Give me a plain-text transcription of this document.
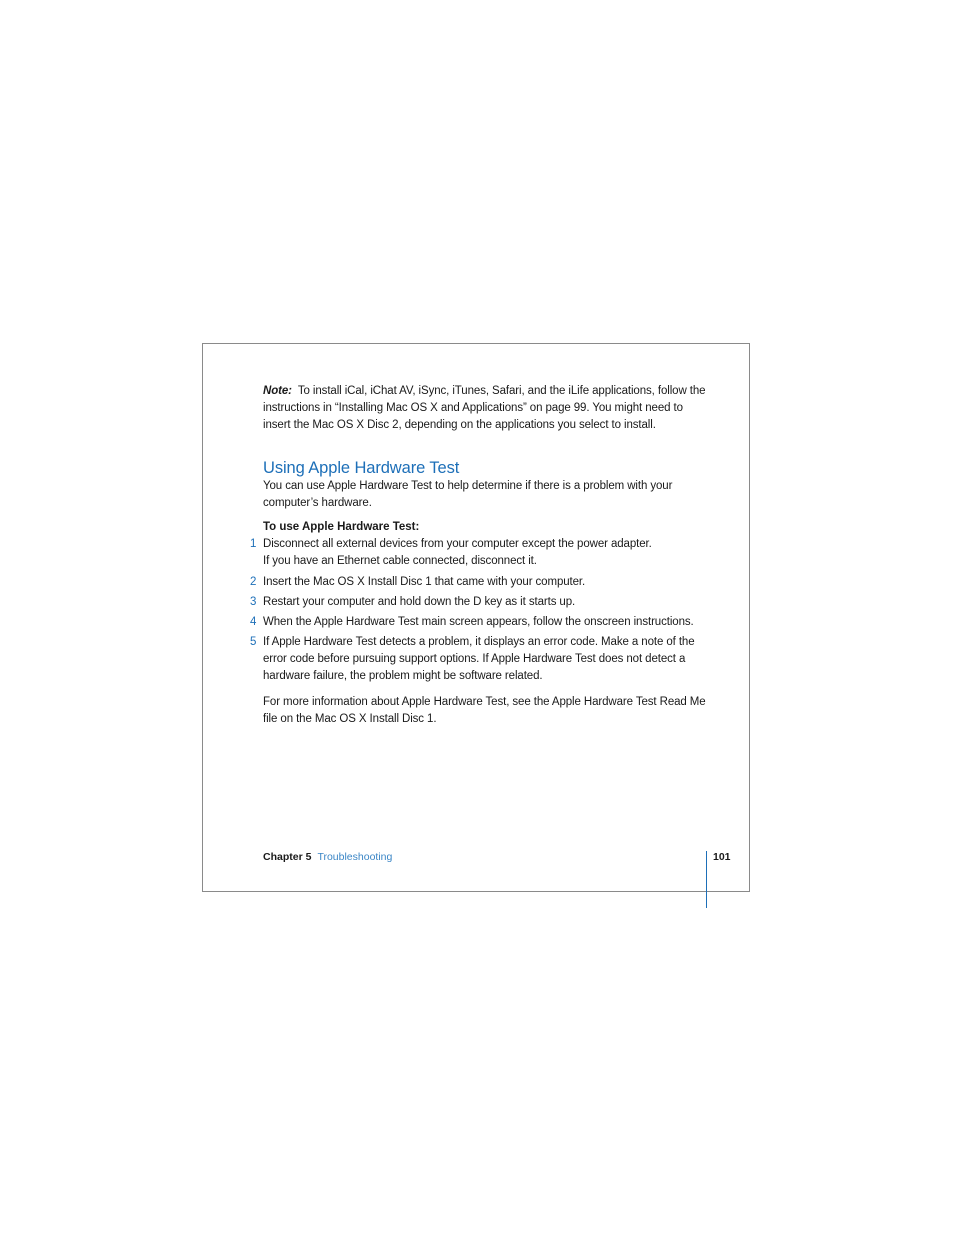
Note: To install iCal, iChat AV, iSync, iTunes, Safari, and the iLife applications, follow the instructions in “Installing Mac OS X and Applications” on page 99. You might need to insert the Mac OS X Disc 2, depending on the applications you select to install.
Using Apple Hardware Test
You can use Apple Hardware Test to help determine if there is a problem with your computer’s hardware.
To use Apple Hardware Test:
1 Disconnect all external devices from your computer except the power adapter.
If you have an Ethernet cable connected, disconnect it.
2 Insert the Mac OS X Install Disc 1 that came with your computer.
3 Restart your computer and hold down the D key as it starts up.
4 When the Apple Hardware Test main screen appears, follow the onscreen instructions.
5 If Apple Hardware Test detects a problem, it displays an error code. Make a note of the error code before pursuing support options. If Apple Hardware Test does not detect a hardware failure, the problem might be software related.
For more information about Apple Hardware Test, see the Apple Hardware Test Read Me file on the Mac OS X Install Disc 1.
Chapter 5 Troubleshooting	101
